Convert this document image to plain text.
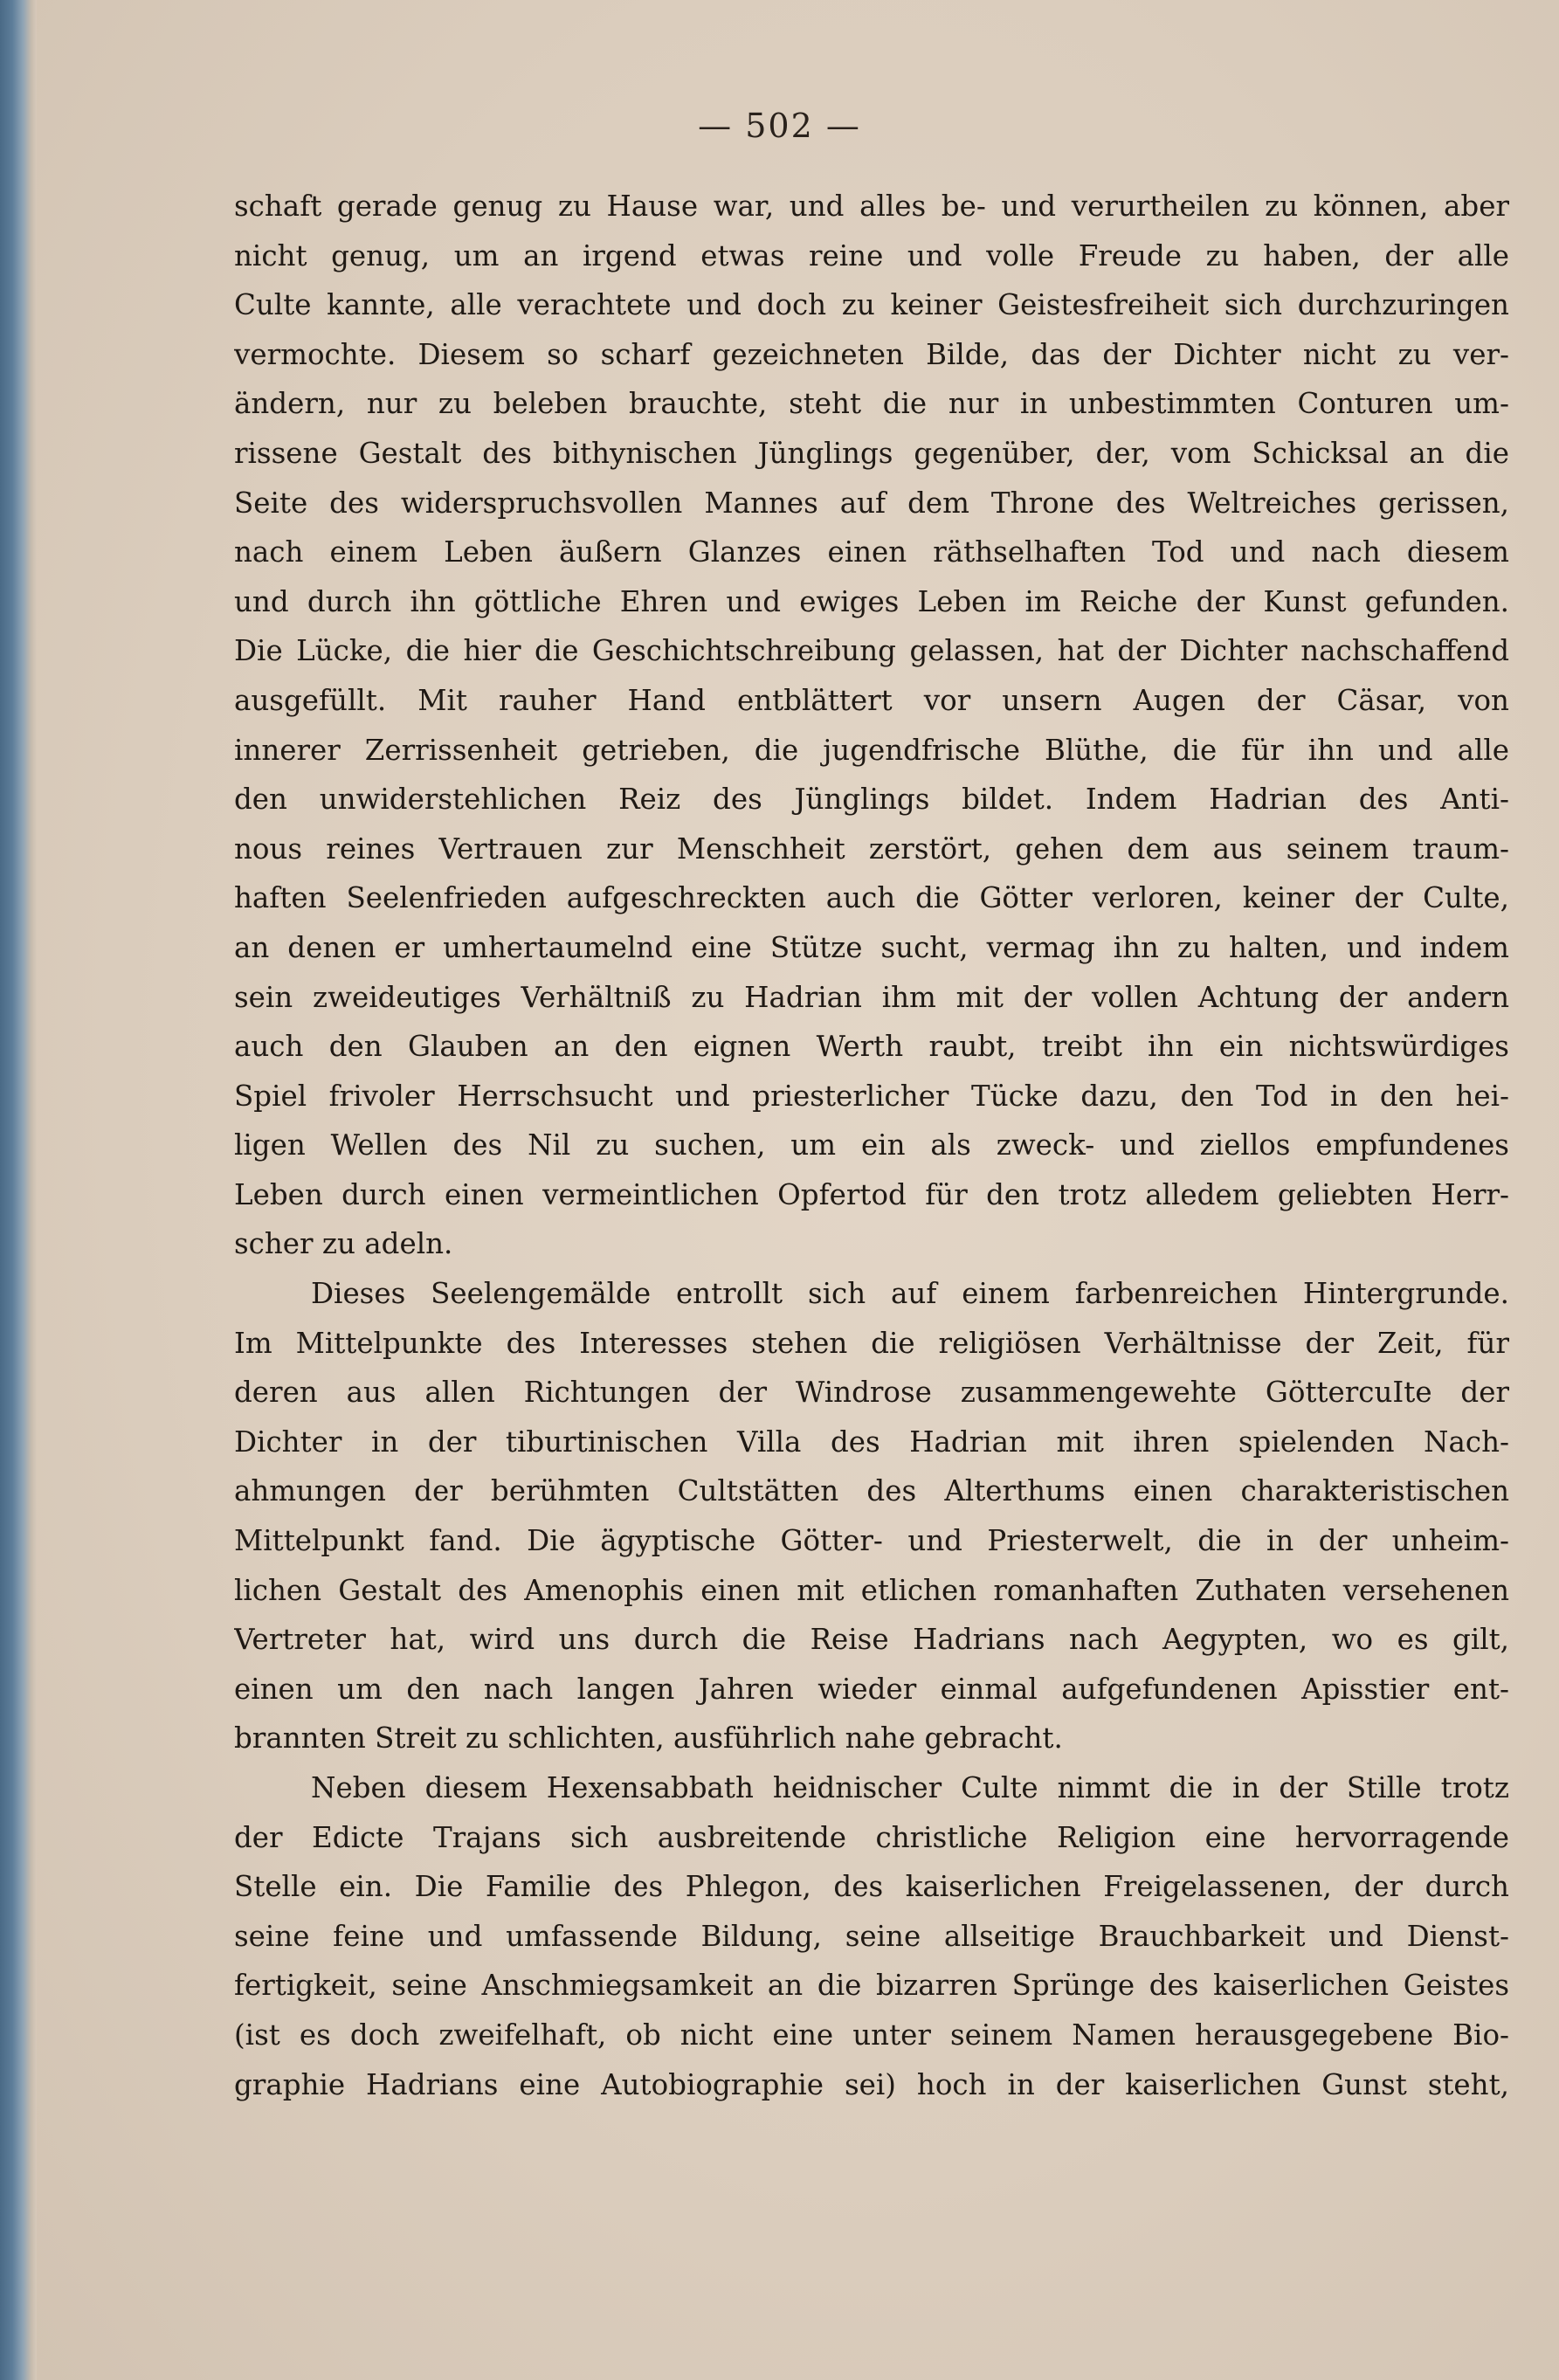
— 502 —
schaft gerade genug zu Hause war, und alles be- und verurtheilen zu können, aber
nicht genug, um an irgend etwas reine und volle Freude zu haben, der alle
Culte kannte, alle verachtete und doch zu keiner Geistesfreiheit sich durchzuringen
vermochte. Diesem so scharf gezeichneten Bilde, das der Dichter nicht zu ver-
ändern, nur zu beleben brauchte, steht die nur in unbestimmten Conturen um-
rissene Gestalt des bithynischen Jünglings gegenüber, der, vom Schicksal an die
Seite des widerspruchsvollen Mannes auf dem Throne des Weltreiches gerissen,
nach einem Leben äußern Glanzes einen räthselhaften Tod und nach diesem
und durch ihn göttliche Ehren und ewiges Leben im Reiche der Kunst gefunden.
Die Lücke, die hier die Geschichtschreibung gelassen, hat der Dichter nachschaffend
ausgefüllt. Mit rauher Hand entblättert vor unsern Augen der Cäsar, von
innerer Zerrissenheit getrieben, die jugendfrische Blüthe, die für ihn und alle
den unwiderstehlichen Reiz des Jünglings bildet. Indem Hadrian des Anti-
nous reines Vertrauen zur Menschheit zerstört, gehen dem aus seinem traum-
haften Seelenfrieden aufgeschreckten auch die Götter verloren, keiner der Culte,
an denen er umhertaumelnd eine Stütze sucht, vermag ihn zu halten, und indem
sein zweideutiges Verhältniß zu Hadrian ihm mit der vollen Achtung der andern
auch den Glauben an den eignen Werth raubt, treibt ihn ein nichtswürdiges
Spiel frivoler Herrschsucht und priesterlicher Tücke dazu, den Tod in den hei-
ligen Wellen des Nil zu suchen, um ein als zweck- und ziellos empfundenes
Leben durch einen vermeintlichen Opfertod für den trotz alledem geliebten Herr-
scher zu adeln.
Dieses Seelengemälde entrollt sich auf einem farbenreichen Hintergrunde.
Im Mittelpunkte des Interesses stehen die religiösen Verhältnisse der Zeit, für
deren aus allen Richtungen der Windrose zusammengewehte GöttercuIte der
Dichter in der tiburtinischen Villa des Hadrian mit ihren spielenden Nach-
ahmungen der berühmten Cultstätten des Alterthums einen charakteristischen
Mittelpunkt fand. Die ägyptische Götter- und Priesterwelt, die in der unheim-
lichen Gestalt des Amenophis einen mit etlichen romanhaften Zuthaten versehenen
Vertreter hat, wird uns durch die Reise Hadrians nach Aegypten, wo es gilt,
einen um den nach langen Jahren wieder einmal aufgefundenen Apisstier ent-
brannten Streit zu schlichten, ausführlich nahe gebracht.
Neben diesem Hexensabbath heidnischer Culte nimmt die in der Stille trotz
der Edicte Trajans sich ausbreitende christliche Religion eine hervorragende
Stelle ein. Die Familie des Phlegon, des kaiserlichen Freigelassenen, der durch
seine feine und umfassende Bildung, seine allseitige Brauchbarkeit und Dienst-
fertigkeit, seine Anschmiegsamkeit an die bizarren Sprünge des kaiserlichen Geistes
(ist es doch zweifelhaft, ob nicht eine unter seinem Namen herausgegebene Bio-
graphie Hadrians eine Autobiographie sei) hoch in der kaiserlichen Gunst steht,
